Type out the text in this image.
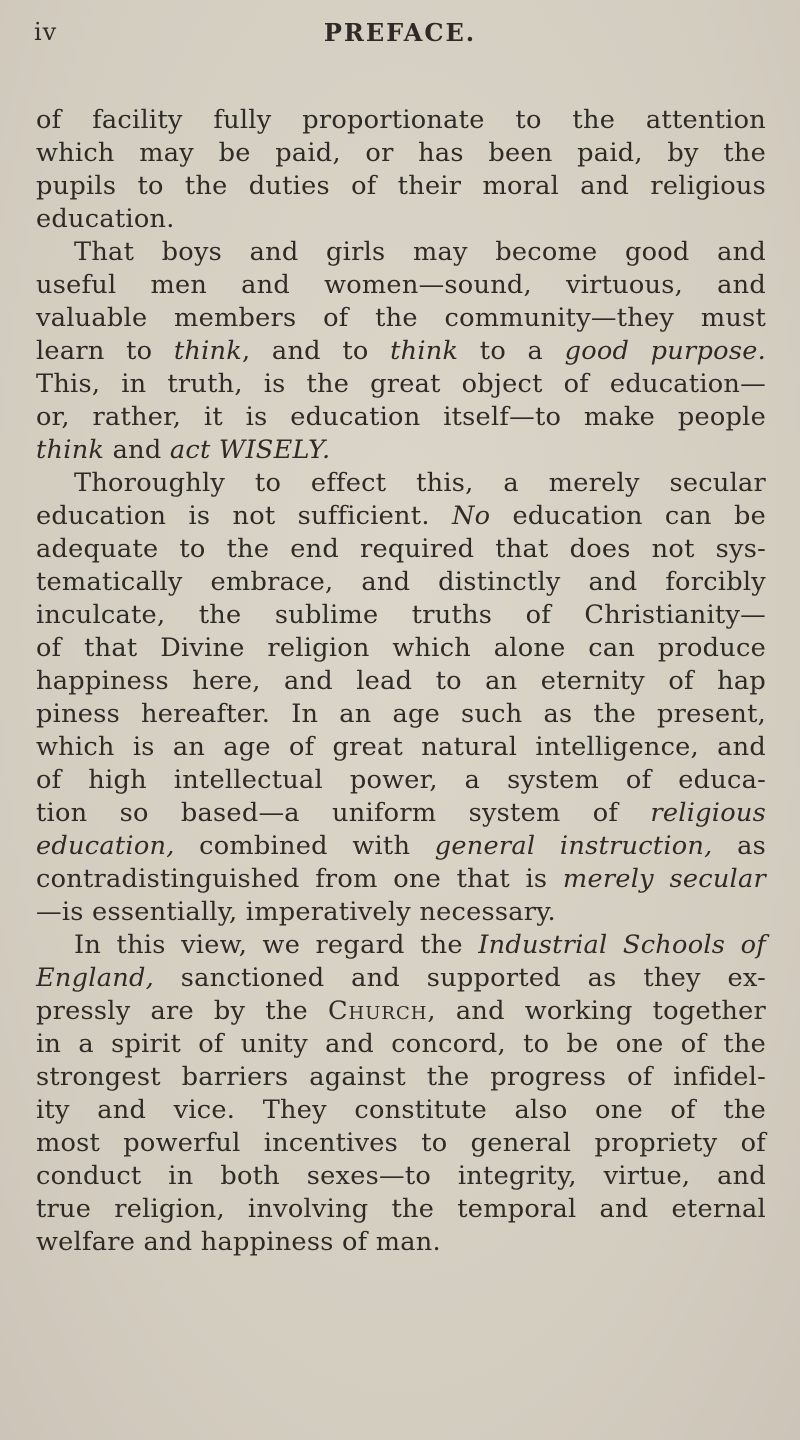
iv	PREFACE.
of facility fully proportionate to the attention
which may be paid, or has been paid, by the
pupils to the duties of their moral and religious
education.
That boys and girls may become good and
useful men and women—sound, virtuous, and
valuable members of the community—they must
learn to think, and to think to a good purpose.
This, in truth, is the great object of education—
or, rather, it is education itself—to make people
think and act WISELY.
Thoroughly to effect this, a merely secular
education is not sufficient. No education can be
adequate to the end required that does not sys-
tematically embrace, and distinctly and forcibly
inculcate, the sublime truths of Christianity—
of that Divine religion which alone can produce
happiness here, and lead to an eternity of hap
piness hereafter. In an age such as the present,
which is an age of great natural intelligence, and
of high intellectual power, a system of educa-
tion so based—a uniform system of religious
education, combined with general instruction, as
contradistinguished from one that is merely secular
—is essentially, imperatively necessary.
In this view, we regard the Industrial Schools of
England, sanctioned and supported as they ex-
pressly are by the Church, and working together
in a spirit of unity and concord, to be one of the
strongest barriers against the progress of infidel-
ity and vice. They constitute also one of the
most powerful incentives to general propriety of
conduct in both sexes—to integrity, virtue, and
true religion, involving the temporal and eternal
welfare and happiness of man.
